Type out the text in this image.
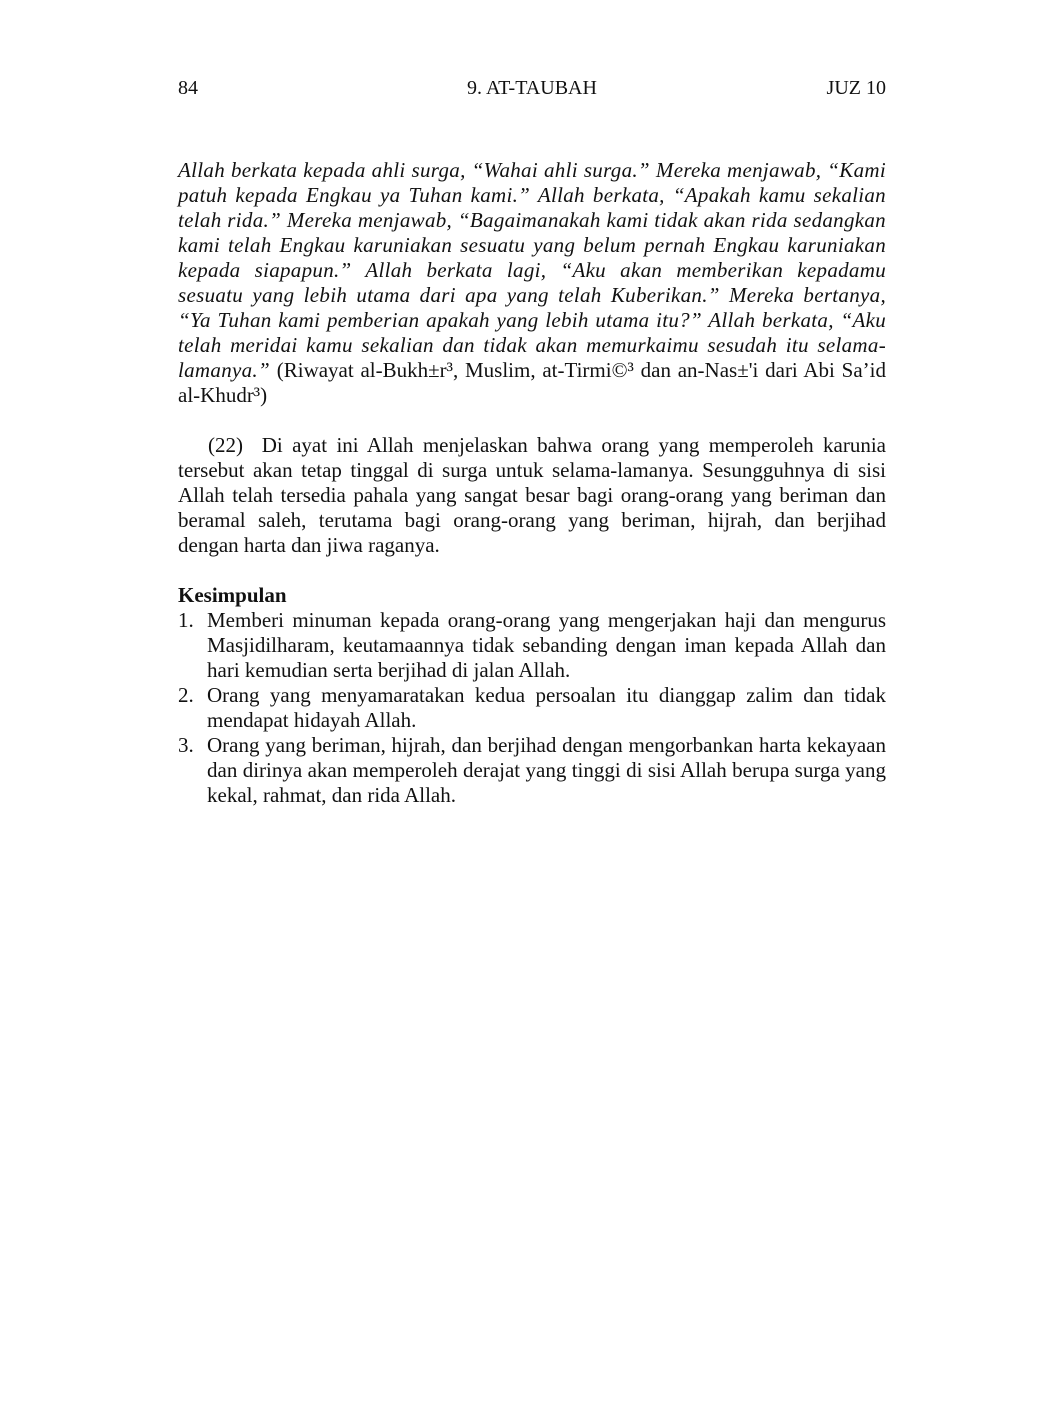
84	9. AT-TAUBAH	JUZ 10

Allah berkata kepada ahli surga, “Wahai ahli surga.” Mereka menjawab, “Kami patuh kepada Engkau ya Tuhan kami.” Allah berkata, “Apakah kamu sekalian telah rida.” Mereka menjawab, “Bagaimanakah kami tidak akan rida sedangkan kami telah Engkau karuniakan sesuatu yang belum pernah Engkau karuniakan kepada siapapun.” Allah berkata lagi, “Aku akan memberikan kepadamu sesuatu yang lebih utama dari apa yang telah Kuberikan.” Mereka bertanya, “Ya Tuhan kami pemberian apakah yang lebih utama itu?” Allah berkata, “Aku telah meridai kamu sekalian dan tidak akan memurkaimu sesudah itu selama-lamanya.” (Riwayat al-Bukh±r³, Muslim, at-Tirmi©³ dan an-Nas±'i dari Abi Sa’id al-Khudr³)

(22) Di ayat ini Allah menjelaskan bahwa orang yang memperoleh karunia tersebut akan tetap tinggal di surga untuk selama-lamanya. Sesungguhnya di sisi Allah telah tersedia pahala yang sangat besar bagi orang-orang yang beriman dan beramal saleh, terutama bagi orang-orang yang beriman, hijrah, dan berjihad dengan harta dan jiwa raganya.

Kesimpulan
1. Memberi minuman kepada orang-orang yang mengerjakan haji dan mengurus Masjidilharam, keutamaannya tidak sebanding dengan iman kepada Allah dan hari kemudian serta berjihad di jalan Allah.
2. Orang yang menyamaratakan kedua persoalan itu dianggap zalim dan tidak mendapat hidayah Allah.
3. Orang yang beriman, hijrah, dan berjihad dengan mengorbankan harta kekayaan dan dirinya akan memperoleh derajat yang tinggi di sisi Allah berupa surga yang kekal, rahmat, dan rida Allah.
